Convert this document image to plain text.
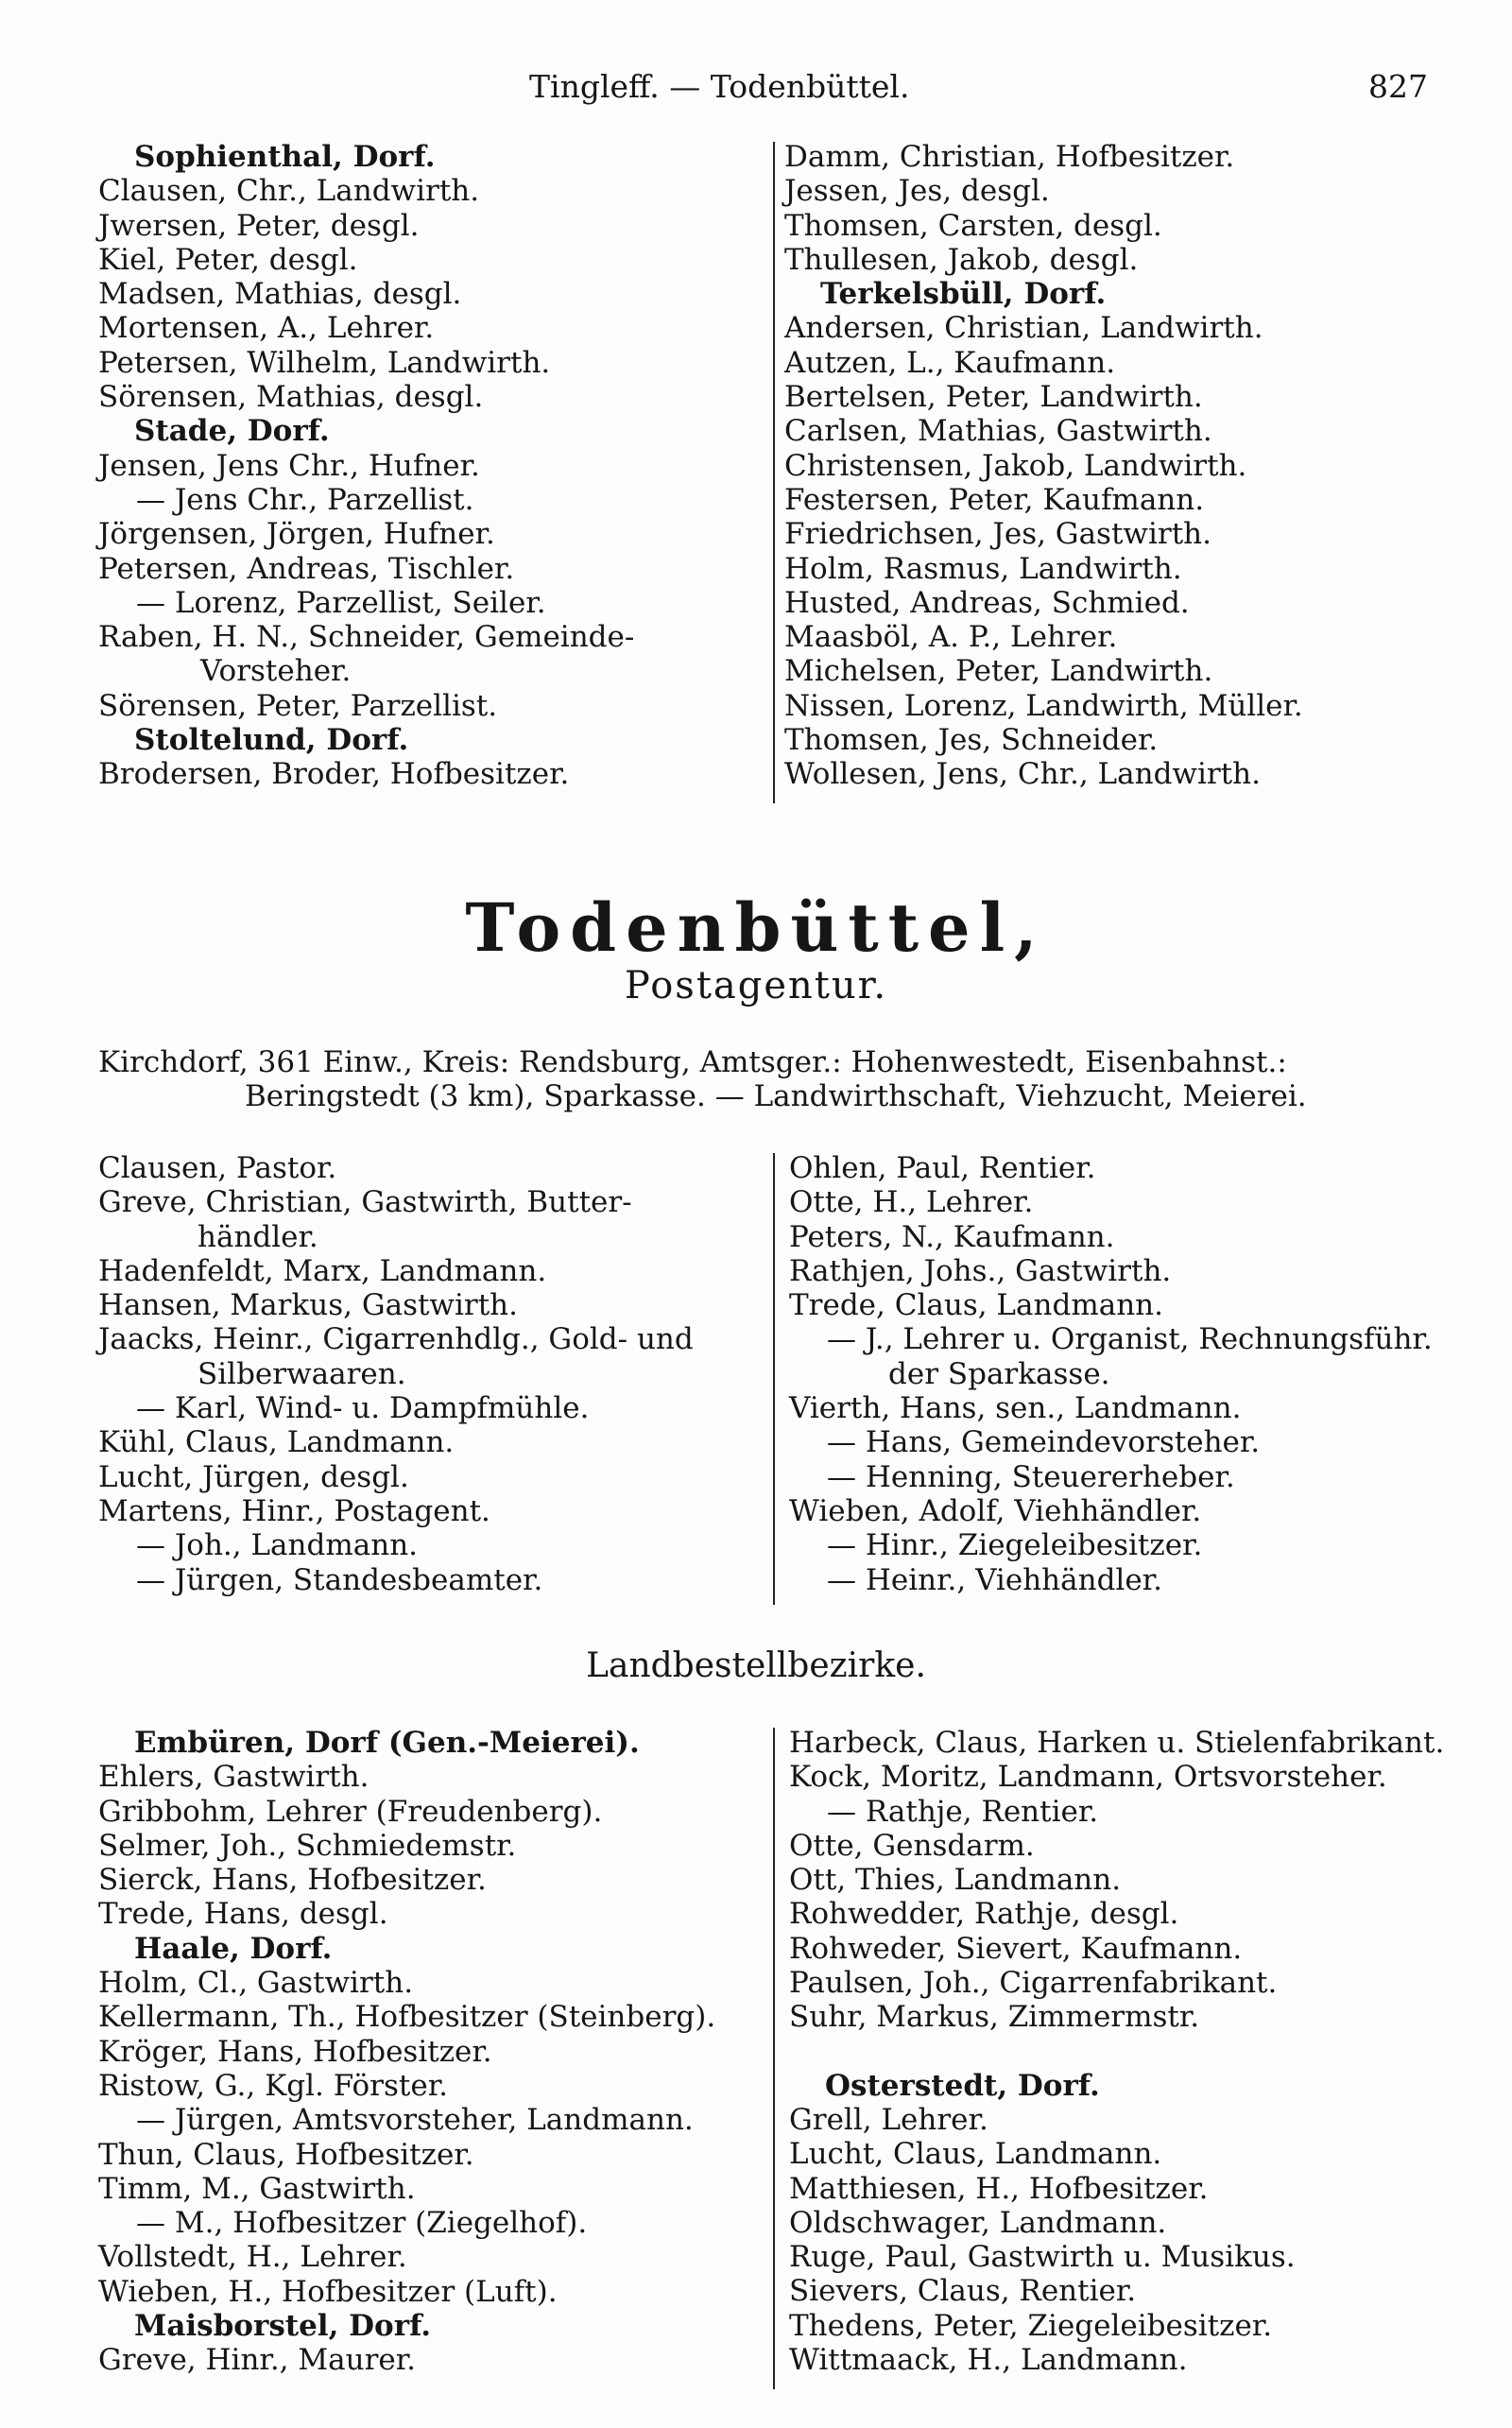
Tingleff. — Todenbüttel.	827
Sophienthal, Dorf.
Clausen, Chr., Landwirth.
Jwersen, Peter, desgl.
Kiel, Peter, desgl.
Madsen, Mathias, desgl.
Mortensen, A., Lehrer.
Petersen, Wilhelm, Landwirth.
Sörensen, Mathias, desgl.
Stade, Dorf.
Jensen, Jens Chr., Hufner.
— Jens Chr., Parzellist.
Jörgensen, Jörgen, Hufner.
Petersen, Andreas, Tischler.
— Lorenz, Parzellist, Seiler.
Raben, H. N., Schneider, Gemeinde-
Vorsteher.
Sörensen, Peter, Parzellist.
Stoltelund, Dorf.
Brodersen, Broder, Hofbesitzer.
Damm, Christian, Hofbesitzer.
Jessen, Jes, desgl.
Thomsen, Carsten, desgl.
Thullesen, Jakob, desgl.
Terkelsbüll, Dorf.
Andersen, Christian, Landwirth.
Autzen, L., Kaufmann.
Bertelsen, Peter, Landwirth.
Carlsen, Mathias, Gastwirth.
Christensen, Jakob, Landwirth.
Festersen, Peter, Kaufmann.
Friedrichsen, Jes, Gastwirth.
Holm, Rasmus, Landwirth.
Husted, Andreas, Schmied.
Maasböl, A. P., Lehrer.
Michelsen, Peter, Landwirth.
Nissen, Lorenz, Landwirth, Müller.
Thomsen, Jes, Schneider.
Wollesen, Jens, Chr., Landwirth.
Todenbüttel,
Postagentur.
Kirchdorf, 361 Einw., Kreis: Rendsburg, Amtsger.: Hohenwestedt, Eisenbahnst.:
Beringstedt (3 km), Sparkasse. — Landwirthschaft, Viehzucht, Meierei.
Clausen, Pastor.
Greve, Christian, Gastwirth, Butter-
händler.
Hadenfeldt, Marx, Landmann.
Hansen, Markus, Gastwirth.
Jaacks, Heinr., Cigarrenhdlg., Gold- und
Silberwaaren.
— Karl, Wind- u. Dampfmühle.
Kühl, Claus, Landmann.
Lucht, Jürgen, desgl.
Martens, Hinr., Postagent.
— Joh., Landmann.
— Jürgen, Standesbeamter.
Ohlen, Paul, Rentier.
Otte, H., Lehrer.
Peters, N., Kaufmann.
Rathjen, Johs., Gastwirth.
Trede, Claus, Landmann.
— J., Lehrer u. Organist, Rechnungsführ.
der Sparkasse.
Vierth, Hans, sen., Landmann.
— Hans, Gemeindevorsteher.
— Henning, Steuererheber.
Wieben, Adolf, Viehhändler.
— Hinr., Ziegeleibesitzer.
— Heinr., Viehhändler.
Landbestellbezirke.
Embüren, Dorf (Gen.-Meierei).
Ehlers, Gastwirth.
Gribbohm, Lehrer (Freudenberg).
Selmer, Joh., Schmiedemstr.
Sierck, Hans, Hofbesitzer.
Trede, Hans, desgl.
Haale, Dorf.
Holm, Cl., Gastwirth.
Kellermann, Th., Hofbesitzer (Steinberg).
Kröger, Hans, Hofbesitzer.
Ristow, G., Kgl. Förster.
— Jürgen, Amtsvorsteher, Landmann.
Thun, Claus, Hofbesitzer.
Timm, M., Gastwirth.
— M., Hofbesitzer (Ziegelhof).
Vollstedt, H., Lehrer.
Wieben, H., Hofbesitzer (Luft).
Maisborstel, Dorf.
Greve, Hinr., Maurer.
Harbeck, Claus, Harken u. Stielenfabrikant.
Kock, Moritz, Landmann, Ortsvorsteher.
— Rathje, Rentier.
Otte, Gensdarm.
Ott, Thies, Landmann.
Rohwedder, Rathje, desgl.
Rohweder, Sievert, Kaufmann.
Paulsen, Joh., Cigarrenfabrikant.
Suhr, Markus, Zimmermstr.
Osterstedt, Dorf.
Grell, Lehrer.
Lucht, Claus, Landmann.
Matthiesen, H., Hofbesitzer.
Oldschwager, Landmann.
Ruge, Paul, Gastwirth u. Musikus.
Sievers, Claus, Rentier.
Thedens, Peter, Ziegeleibesitzer.
Wittmaack, H., Landmann.
